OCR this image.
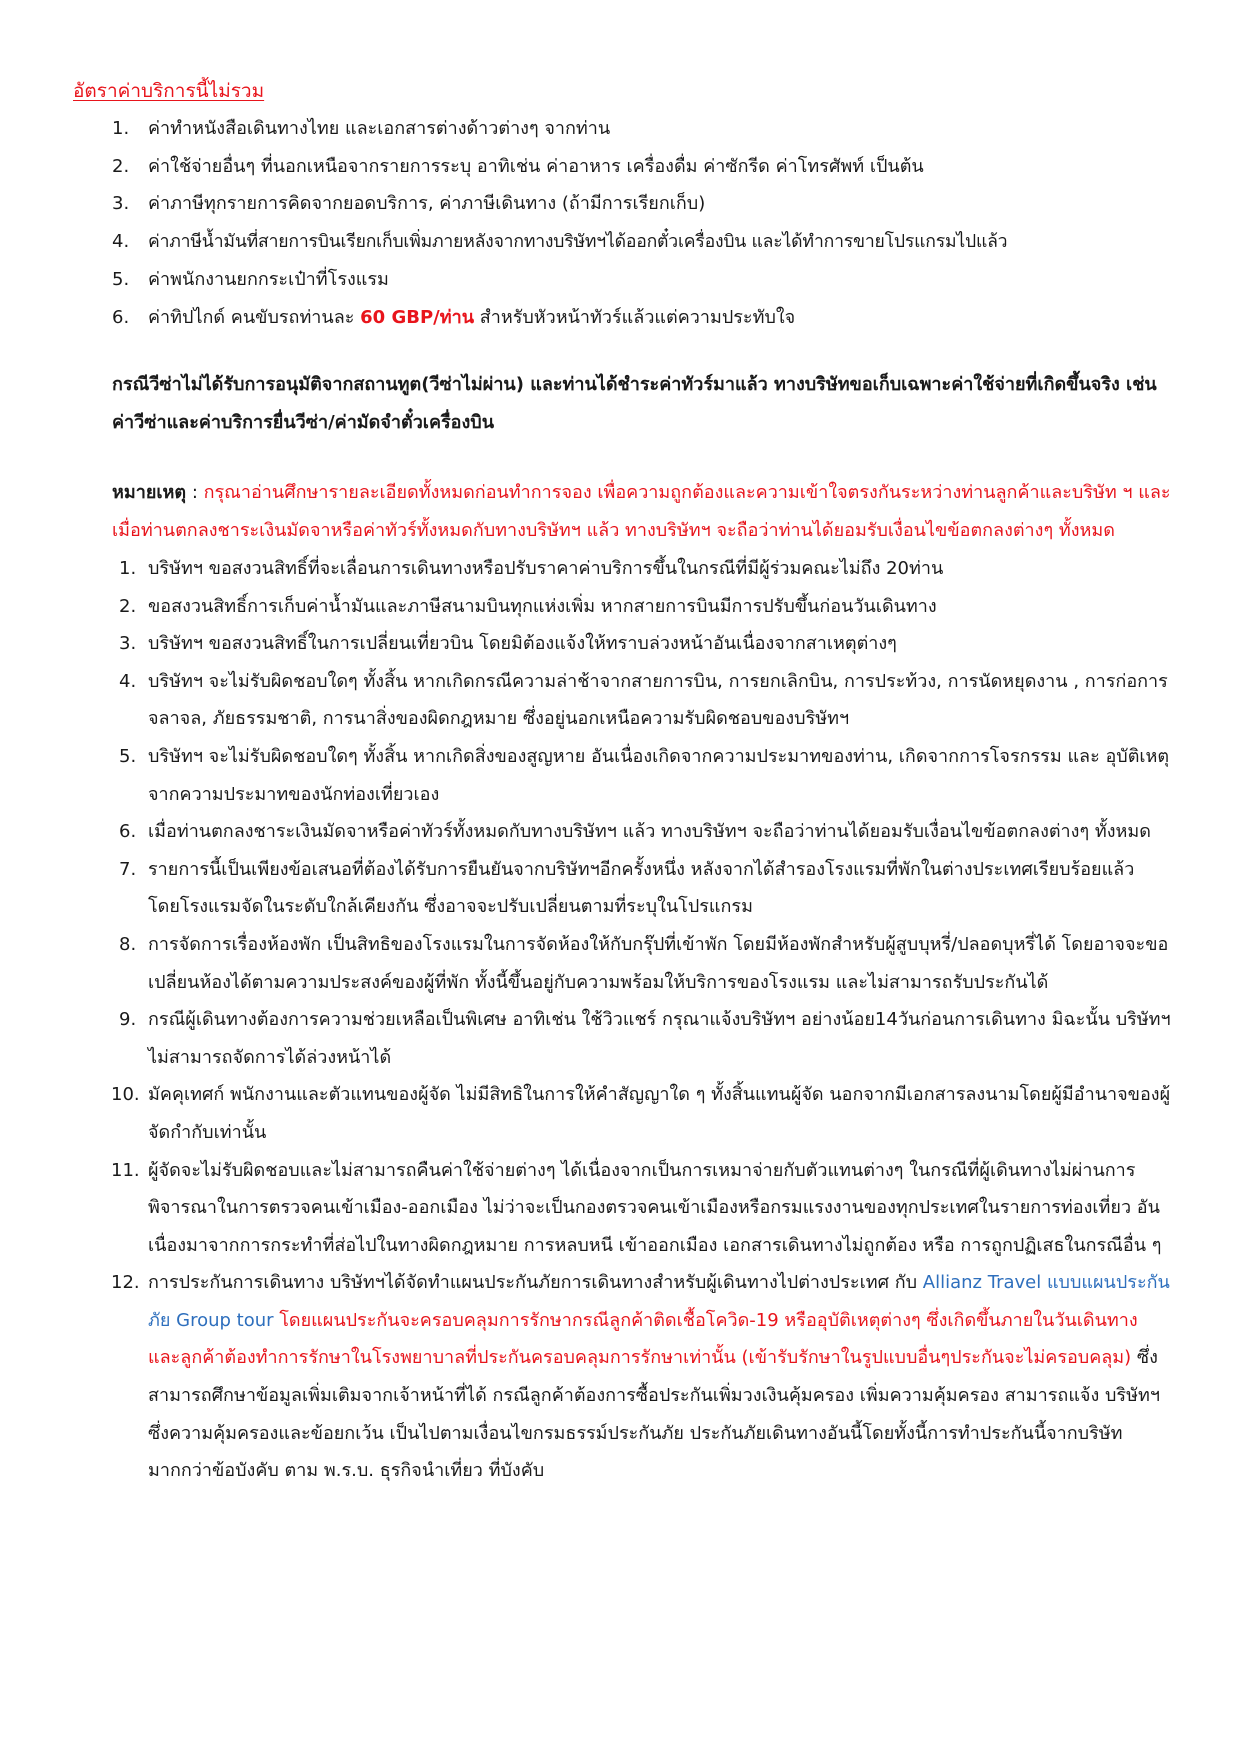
อัตราค่าบริการนี้ไม่รวม
1. ค่าทำหนังสือเดินทางไทย และเอกสารต่างด้าวต่างๆ จากท่าน
2. ค่าใช้จ่ายอื่นๆ ที่นอกเหนือจากรายการระบุ อาทิเช่น ค่าอาหาร เครื่องดื่ม ค่าซักรีด ค่าโทรศัพท์ เป็นต้น
3. ค่าภาษีทุกรายการคิดจากยอดบริการ, ค่าภาษีเดินทาง (ถ้ามีการเรียกเก็บ)
4. ค่าภาษีน้ำมันที่สายการบินเรียกเก็บเพิ่มภายหลังจากทางบริษัทฯได้ออกตั๋วเครื่องบิน และได้ทำการขายโปรแกรมไปแล้ว
5. ค่าพนักงานยกกระเป๋าที่โรงแรม
6. ค่าทิปไกด์ คนขับรถท่านละ 60 GBP/ท่าน สำหรับหัวหน้าทัวร์แล้วแต่ความประทับใจ

กรณีวีซ่าไม่ได้รับการอนุมัติจากสถานทูต(วีซ่าไม่ผ่าน) และท่านได้ชำระค่าทัวร์มาแล้ว ทางบริษัทขอเก็บเฉพาะค่าใช้จ่ายที่เกิดขึ้นจริง เช่นค่าวีซ่าและค่าบริการยื่นวีซ่า/ค่ามัดจำตั๋วเครื่องบิน

หมายเหตุ : กรุณาอ่านศึกษารายละเอียดทั้งหมดก่อนทำการจอง เพื่อความถูกต้องและความเข้าใจตรงกันระหว่างท่านลูกค้าและบริษัท ฯ และเมื่อท่านตกลงชาระเงินมัดจาหรือค่าทัวร์ทั้งหมดกับทางบริษัทฯ แล้ว ทางบริษัทฯ จะถือว่าท่านได้ยอมรับเงื่อนไขข้อตกลงต่างๆ ทั้งหมด

1. บริษัทฯ ขอสงวนสิทธิ์ที่จะเลื่อนการเดินทางหรือปรับราคาค่าบริการขึ้นในกรณีที่มีผู้ร่วมคณะไม่ถึง 20ท่าน
2. ขอสงวนสิทธิ์การเก็บค่าน้ำมันและภาษีสนามบินทุกแห่งเพิ่ม หากสายการบินมีการปรับขึ้นก่อนวันเดินทาง
3. บริษัทฯ ขอสงวนสิทธิ์ในการเปลี่ยนเที่ยวบิน โดยมิต้องแจ้งให้ทราบล่วงหน้าอันเนื่องจากสาเหตุต่างๆ
4. บริษัทฯ จะไม่รับผิดชอบใดๆ ทั้งสิ้น หากเกิดกรณีความล่าช้าจากสายการบิน, การยกเลิกบิน, การประท้วง, การนัดหยุดงาน , การก่อการจลาจล, ภัยธรรมชาติ, การนาสิ่งของผิดกฎหมาย ซึ่งอยู่นอกเหนือความรับผิดชอบของบริษัทฯ
5. บริษัทฯ จะไม่รับผิดชอบใดๆ ทั้งสิ้น หากเกิดสิ่งของสูญหาย อันเนื่องเกิดจากความประมาทของท่าน, เกิดจากการโจรกรรม และ อุบัติเหตุจากความประมาทของนักท่องเที่ยวเอง
6. เมื่อท่านตกลงชาระเงินมัดจาหรือค่าทัวร์ทั้งหมดกับทางบริษัทฯ แล้ว ทางบริษัทฯ จะถือว่าท่านได้ยอมรับเงื่อนไขข้อตกลงต่างๆ ทั้งหมด
7. รายการนี้เป็นเพียงข้อเสนอที่ต้องได้รับการยืนยันจากบริษัทฯอีกครั้งหนึ่ง หลังจากได้สำรองโรงแรมที่พักในต่างประเทศเรียบร้อยแล้ว โดยโรงแรมจัดในระดับใกล้เคียงกัน ซึ่งอาจจะปรับเปลี่ยนตามที่ระบุในโปรแกรม
8. การจัดการเรื่องห้องพัก เป็นสิทธิของโรงแรมในการจัดห้องให้กับกรุ๊ปที่เข้าพัก โดยมีห้องพักสำหรับผู้สูบบุหรี่/ปลอดบุหรี่ได้ โดยอาจจะขอเปลี่ยนห้องได้ตามความประสงค์ของผู้ที่พัก ทั้งนี้ขึ้นอยู่กับความพร้อมให้บริการของโรงแรม และไม่สามารถรับประกันได้
9. กรณีผู้เดินทางต้องการความช่วยเหลือเป็นพิเศษ อาทิเช่น ใช้วิวแชร์ กรุณาแจ้งบริษัทฯ อย่างน้อย14วันก่อนการเดินทาง มิฉะนั้น บริษัทฯไม่สามารถจัดการได้ล่วงหน้าได้
10. มัคคุเทศก์ พนักงานและตัวแทนของผู้จัด ไม่มีสิทธิในการให้คำสัญญาใด ๆ ทั้งสิ้นแทนผู้จัด นอกจากมีเอกสารลงนามโดยผู้มีอำนาจของผู้จัดกำกับเท่านั้น
11. ผู้จัดจะไม่รับผิดชอบและไม่สามารถคืนค่าใช้จ่ายต่างๆ ได้เนื่องจากเป็นการเหมาจ่ายกับตัวแทนต่างๆ ในกรณีที่ผู้เดินทางไม่ผ่านการพิจารณาในการตรวจคนเข้าเมือง-ออกเมือง ไม่ว่าจะเป็นกองตรวจคนเข้าเมืองหรือกรมแรงงานของทุกประเทศในรายการท่องเที่ยว อันเนื่องมาจากการกระทำที่ส่อไปในทางผิดกฎหมาย การหลบหนี เข้าออกเมือง เอกสารเดินทางไม่ถูกต้อง หรือ การถูกปฏิเสธในกรณีอื่น ๆ
12. การประกันการเดินทาง บริษัทฯได้จัดทำแผนประกันภัยการเดินทางสำหรับผู้เดินทางไปต่างประเทศ กับ Allianz Travel แบบแผนประกันภัย Group tour โดยแผนประกันจะครอบคลุมการรักษากรณีลูกค้าติดเชื้อโควิด-19 หรืออุบัติเหตุต่างๆ ซึ่งเกิดขึ้นภายในวันเดินทาง และลูกค้าต้องทำการรักษาในโรงพยาบาลที่ประกันครอบคลุมการรักษาเท่านั้น (เข้ารับรักษาในรูปแบบอื่นๆประกันจะไม่ครอบคลุม) ซึ่งสามารถศึกษาข้อมูลเพิ่มเติมจากเจ้าหน้าที่ได้ กรณีลูกค้าต้องการซื้อประกันเพิ่มวงเงินคุ้มครอง เพิ่มความคุ้มครอง สามารถแจ้ง บริษัทฯ ซึ่งความคุ้มครองและข้อยกเว้น เป็นไปตามเงื่อนไขกรมธรรม์ประกันภัย ประกันภัยเดินทางอันนี้โดยทั้งนี้การทำประกันนี้จากบริษัท มากกว่าข้อบังคับ ตาม พ.ร.บ. ธุรกิจนำเที่ยว ที่บังคับ
